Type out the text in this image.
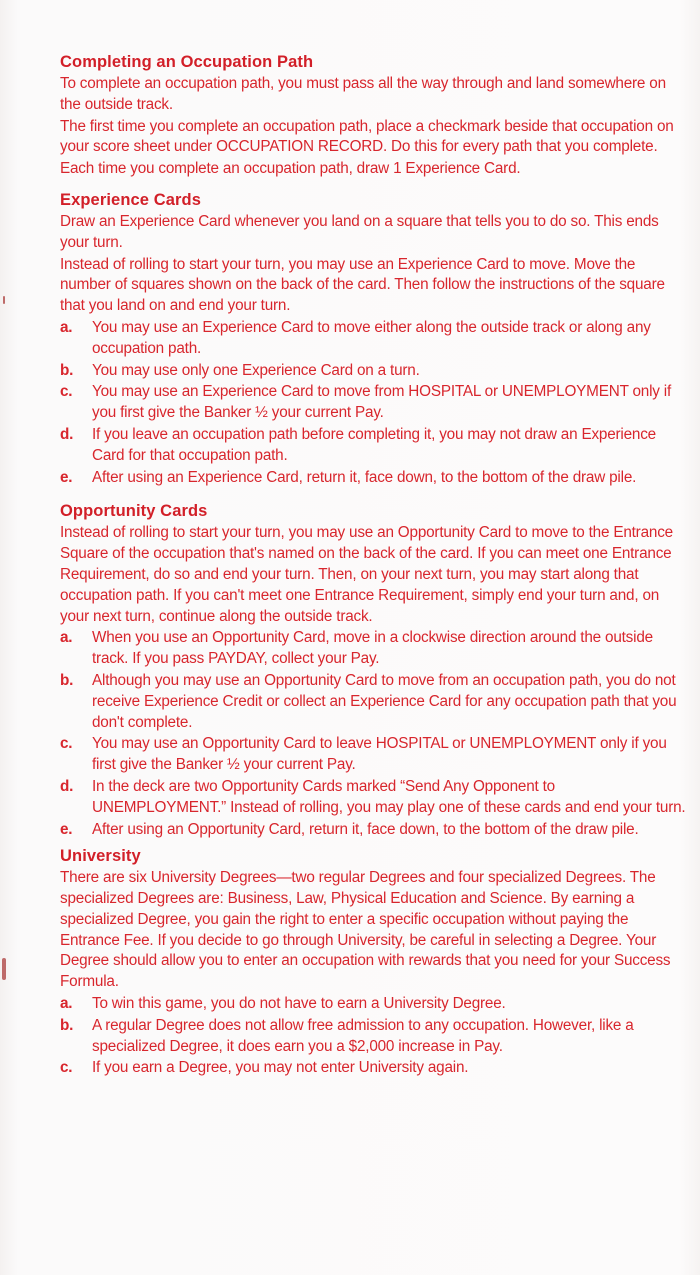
Completing an Occupation Path

To complete an occupation path, you must pass all the way through and land somewhere on the outside track.

The first time you complete an occupation path, place a checkmark beside that occupation on your score sheet under OCCUPATION RECORD. Do this for every path that you complete.

Each time you complete an occupation path, draw 1 Experience Card.

Experience Cards

Draw an Experience Card whenever you land on a square that tells you to do so. This ends your turn.

Instead of rolling to start your turn, you may use an Experience Card to move. Move the number of squares shown on the back of the card. Then follow the instructions of the square that you land on and end your turn.

a.	You may use an Experience Card to move either along the outside track or along any occupation path.
b.	You may use only one Experience Card on a turn.
c.	You may use an Experience Card to move from HOSPITAL or UNEMPLOYMENT only if you first give the Banker ½ your current Pay.
d.	If you leave an occupation path before completing it, you may not draw an Experience Card for that occupation path.
e.	After using an Experience Card, return it, face down, to the bottom of the draw pile.
Opportunity Cards

Instead of rolling to start your turn, you may use an Opportunity Card to move to the Entrance Square of the occupation that's named on the back of the card. If you can meet one Entrance Requirement, do so and end your turn. Then, on your next turn, you may start along that occupation path. If you can't meet one Entrance Requirement, simply end your turn and, on your next turn, continue along the outside track.

a.	When you use an Opportunity Card, move in a clockwise direction around the outside track. If you pass PAYDAY, collect your Pay.
b.	Although you may use an Opportunity Card to move from an occupation path, you do not receive Experience Credit or collect an Experience Card for any occupation path that you don't complete.
c.	You may use an Opportunity Card to leave HOSPITAL or UNEMPLOYMENT only if you first give the Banker ½ your current Pay.
d.	In the deck are two Opportunity Cards marked “Send Any Opponent to UNEMPLOYMENT.” Instead of rolling, you may play one of these cards and end your turn.
e.	After using an Opportunity Card, return it, face down, to the bottom of the draw pile.
University

There are six University Degrees—two regular Degrees and four specialized Degrees. The specialized Degrees are: Business, Law, Physical Education and Science. By earning a specialized Degree, you gain the right to enter a specific occupation without paying the Entrance Fee. If you decide to go through University, be careful in selecting a Degree. Your Degree should allow you to enter an occupation with rewards that you need for your Success Formula.

a.	To win this game, you do not have to earn a University Degree.
b.	A regular Degree does not allow free admission to any occupation. However, like a specialized Degree, it does earn you a $2,000 increase in Pay.
c.	If you earn a Degree, you may not enter University again.
